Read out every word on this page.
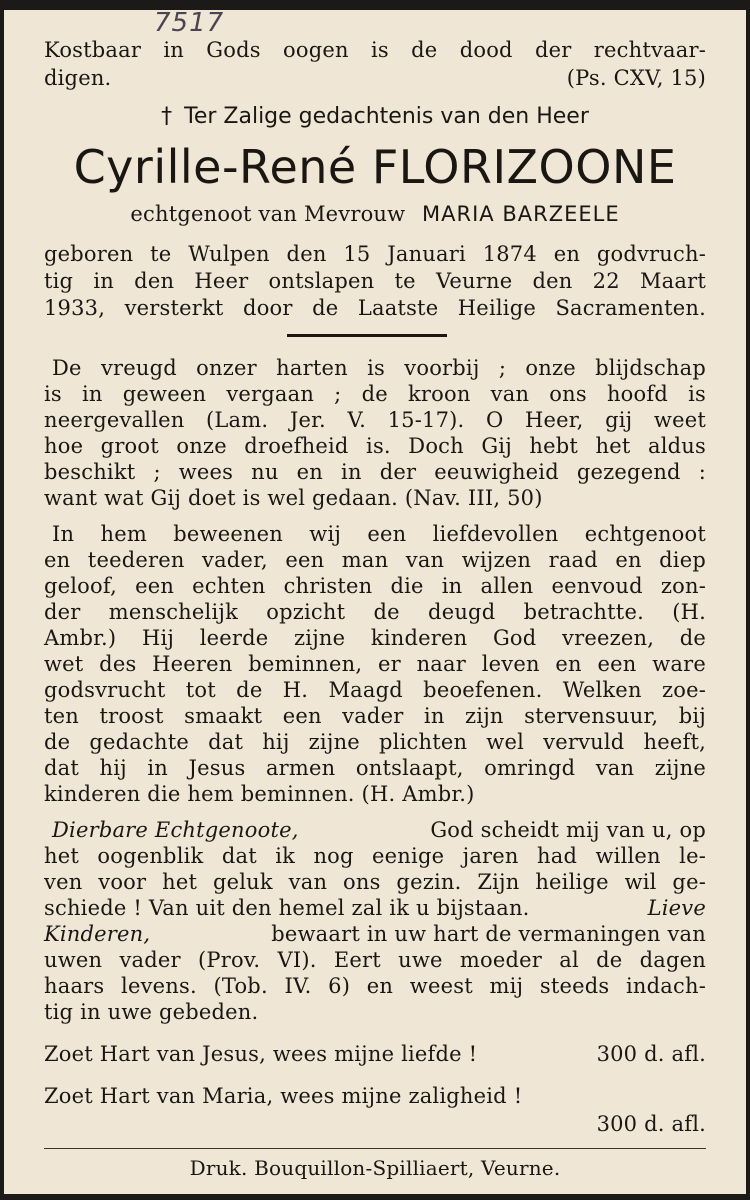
7517

Kostbaar in Gods oogen is de dood der rechtvaar-

digen.	(Ps. CXV, 15)
† Ter Zalige gedachtenis van den Heer
Cyrille-René FLORIZOONE
echtgenoot van Mevrouw MARIA BARZEELE

geboren te Wulpen den 15 Januari 1874 en godvruch-

tig in den Heer ontslapen te Veurne den 22 Maart

1933, versterkt door de Laatste Heilige Sacramenten.

De vreugd onzer harten is voorbij ; onze blijdschap

is in geween vergaan ; de kroon van ons hoofd is

neergevallen (Lam. Jer. V. 15-17). O Heer, gij weet

hoe groot onze droefheid is. Doch Gij hebt het aldus

beschikt ; wees nu en in der eeuwigheid gezegend :

want wat Gij doet is wel gedaan. (Nav. III, 50)

In hem beweenen wij een liefdevollen echtgenoot

en teederen vader, een man van wijzen raad en diep

geloof, een echten christen die in allen eenvoud zon-

der menschelijk opzicht de deugd betrachtte. (H.

Ambr.) Hij leerde zijne kinderen God vreezen, de

wet des Heeren beminnen, er naar leven en een ware

godsvrucht tot de H. Maagd beoefenen. Welken zoe-

ten troost smaakt een vader in zijn stervensuur, bij

de gedachte dat hij zijne plichten wel vervuld heeft,

dat hij in Jesus armen ontslaapt, omringd van zijne

kinderen die hem beminnen. (H. Ambr.)

Dierbare Echtgenoote,	God scheidt mij van u, op

het oogenblik dat ik nog eenige jaren had willen le-

ven voor het geluk van ons gezin. Zijn heilige wil ge-

schiede ! Van uit den hemel zal ik u bijstaan.	Lieve
Kinderen,	bewaart in uw hart de vermaningen van

uwen vader (Prov. VI). Eert uwe moeder al de dagen

haars levens. (Tob. IV. 6) en weest mij steeds indach-

tig in uwe gebeden.

Zoet Hart van Jesus, wees mijne liefde !	300 d. afl.

Zoet Hart van Maria, wees mijne zaligheid !

300 d. afl.

Druk. Bouquillon-Spilliaert, Veurne.
